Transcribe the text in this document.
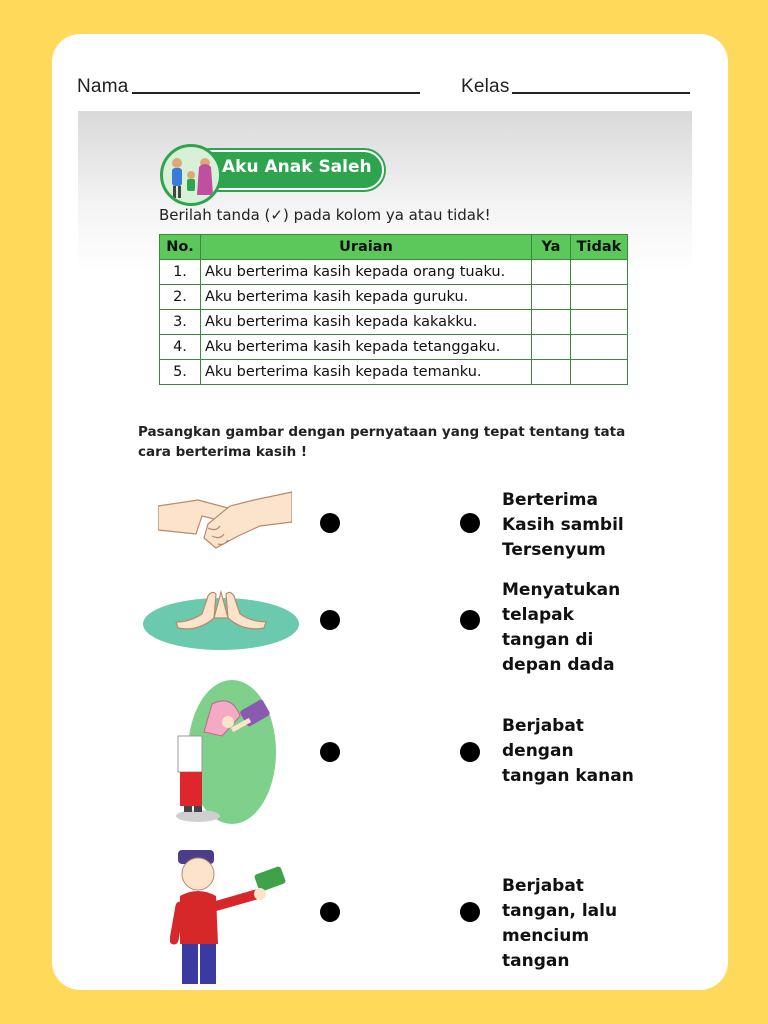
Nama	Kelas
Aku Anak Saleh
Berilah tanda (✓) pada kolom ya atau tidak!
No.	Uraian	Ya	Tidak
1.	Aku berterima kasih kepada orang tuaku.		
2.	Aku berterima kasih kepada guruku.		
3.	Aku berterima kasih kepada kakakku.		
4.	Aku berterima kasih kepada tetanggaku.		
5.	Aku berterima kasih kepada temanku.		
Pasangkan gambar dengan pernyataan yang tepat tentang tata cara berterima kasih !
Berterima
Kasih sambil
Tersenyum
Menyatukan
telapak
tangan di
depan dada
Berjabat
dengan
tangan kanan
Berjabat
tangan, lalu
mencium
tangan
